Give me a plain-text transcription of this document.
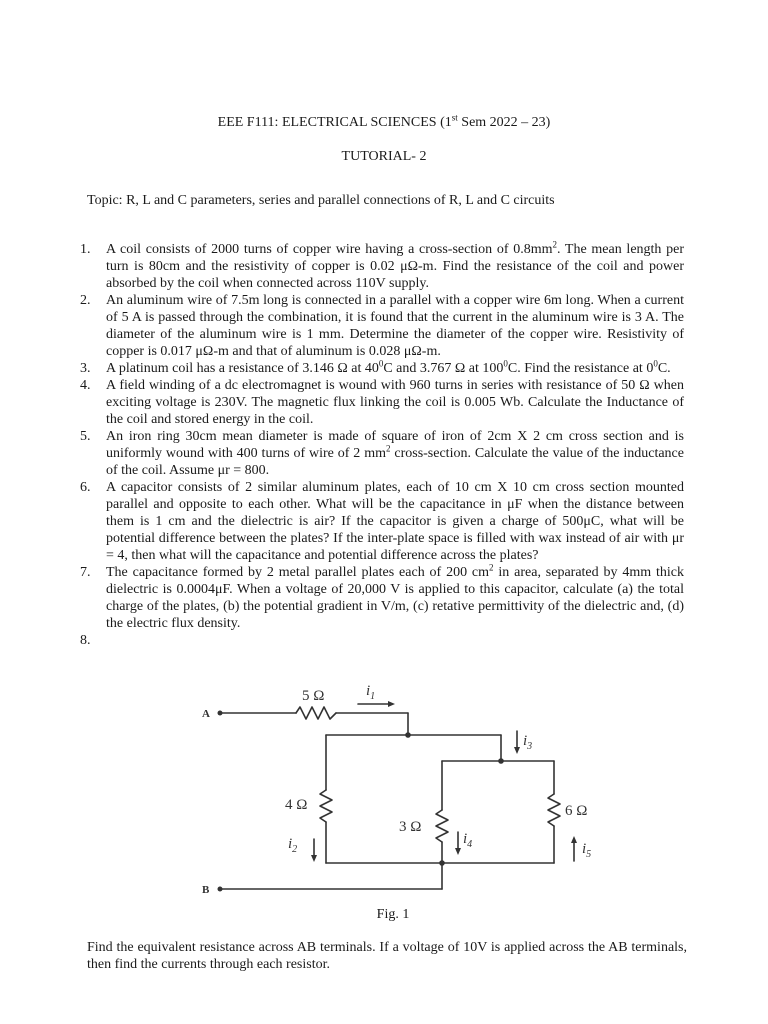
EEE F111: ELECTRICAL SCIENCES (1st Sem 2022 – 23)
TUTORIAL- 2
Topic: R, L and C parameters, series and parallel connections of R, L and C circuits
1. A coil consists of 2000 turns of copper wire having a cross-section of $0.8mm^2$. The mean length per turn is 80cm and the resistivity of copper is 0.02 μΩ-m. Find the resistance of the coil and power absorbed by the coil when connected across 110V supply.
2. An aluminum wire of 7.5m long is connected in a parallel with a copper wire 6m long. When a current of 5 A is passed through the combination, it is found that the current in the aluminum wire is 3 A. The diameter of the aluminum wire is 1 mm. Determine the diameter of the copper wire. Resistivity of copper is 0.017 μΩ-m and that of aluminum is 0.028 μΩ-m.
3. A platinum coil has a resistance of 3.146 Ω at $40^0C$ and 3.767 Ω at $100^0C$. Find the resistance at $0^0C$.
4. A field winding of a dc electromagnet is wound with 960 turns in series with resistance of 50 Ω when exciting voltage is 230V. The magnetic flux linking the coil is 0.005 Wb. Calculate the Inductance of the coil and stored energy in the coil.
5. An iron ring 30cm mean diameter is made of square of iron of 2cm X 2 cm cross section and is uniformly wound with 400 turns of wire of 2 $mm^2$ cross-section. Calculate the value of the inductance of the coil. Assume μr = 800.
6. A capacitor consists of 2 similar aluminum plates, each of 10 cm X 10 cm cross section mounted parallel and opposite to each other. What will be the capacitance in μF when the distance between them is 1 cm and the dielectric is air? If the capacitor is given a charge of 500μC, what will be potential difference between the plates? If the inter-plate space is filled with wax instead of air with μr = 4, then what will the capacitance and potential difference across the plates?
7. The capacitance formed by 2 metal parallel plates each of 200 $cm^2$ in area, separated by 4mm thick dielectric is 0.0004μF. When a voltage of 20,000 V is applied to this capacitor, calculate (a) the total charge of the plates, (b) the potential gradient in V/m, (c) retative permittivity of the dielectric and, (d) the electric flux density.
8.
A
B
5 Ω
4 Ω
3 Ω
6 Ω
$i_1$
$i_3$
$i_2$
$i_4$	$i_5$
Fig. 1
Find the equivalent resistance across AB terminals. If a voltage of 10V is applied across the AB terminals, then find the currents through each resistor.
